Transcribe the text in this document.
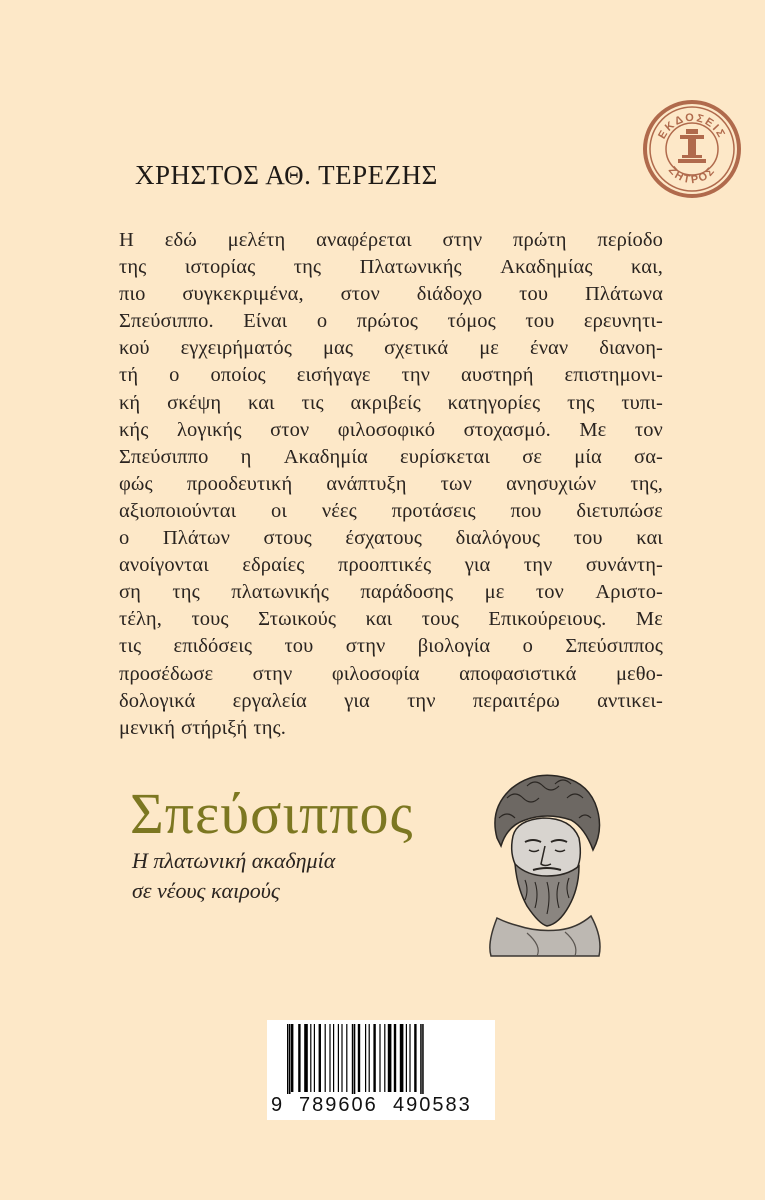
ΕΚΔΟΣΕΙΣ
ΖΗΤΡΟΣ
ΧΡΗΣΤΟΣ ΑΘ. ΤΕΡΕΖΗΣ
Η εδώ μελέτη αναφέρεται στην πρώτη περίοδο
της ιστορίας της Πλατωνικής Ακαδημίας και,
πιο συγκεκριμένα, στον διάδοχο του Πλάτωνα
Σπεύσιππο. Είναι ο πρώτος τόμος του ερευνητι-
κού εγχειρήματός μας σχετικά με έναν διανοη-
τή ο οποίος εισήγαγε την αυστηρή επιστημονι-
κή σκέψη και τις ακριβείς κατηγορίες της τυπι-
κής λογικής στον φιλοσοφικό στοχασμό. Με τον
Σπεύσιππο η Ακαδημία ευρίσκεται σε μία σα-
φώς προοδευτική ανάπτυξη των ανησυχιών της,
αξιοποιούνται οι νέες προτάσεις που διετυπώσε
ο Πλάτων στους έσχατους διαλόγους του και
ανοίγονται εδραίες προοπτικές για την συνάντη-
ση της πλατωνικής παράδοσης με τον Αριστο-
τέλη, τους Στωικούς και τους Επικούρειους. Με
τις επιδόσεις του στην βιολογία ο Σπεύσιππος
προσέδωσε στην φιλοσοφία αποφασιστικά μεθο-
δολογικά εργαλεία για την περαιτέρω αντικει-
μενική στήριξή της.
Σπεύσιππος
Η πλατωνική ακαδημία
σε νέους καιρούς
9 789606 490583
